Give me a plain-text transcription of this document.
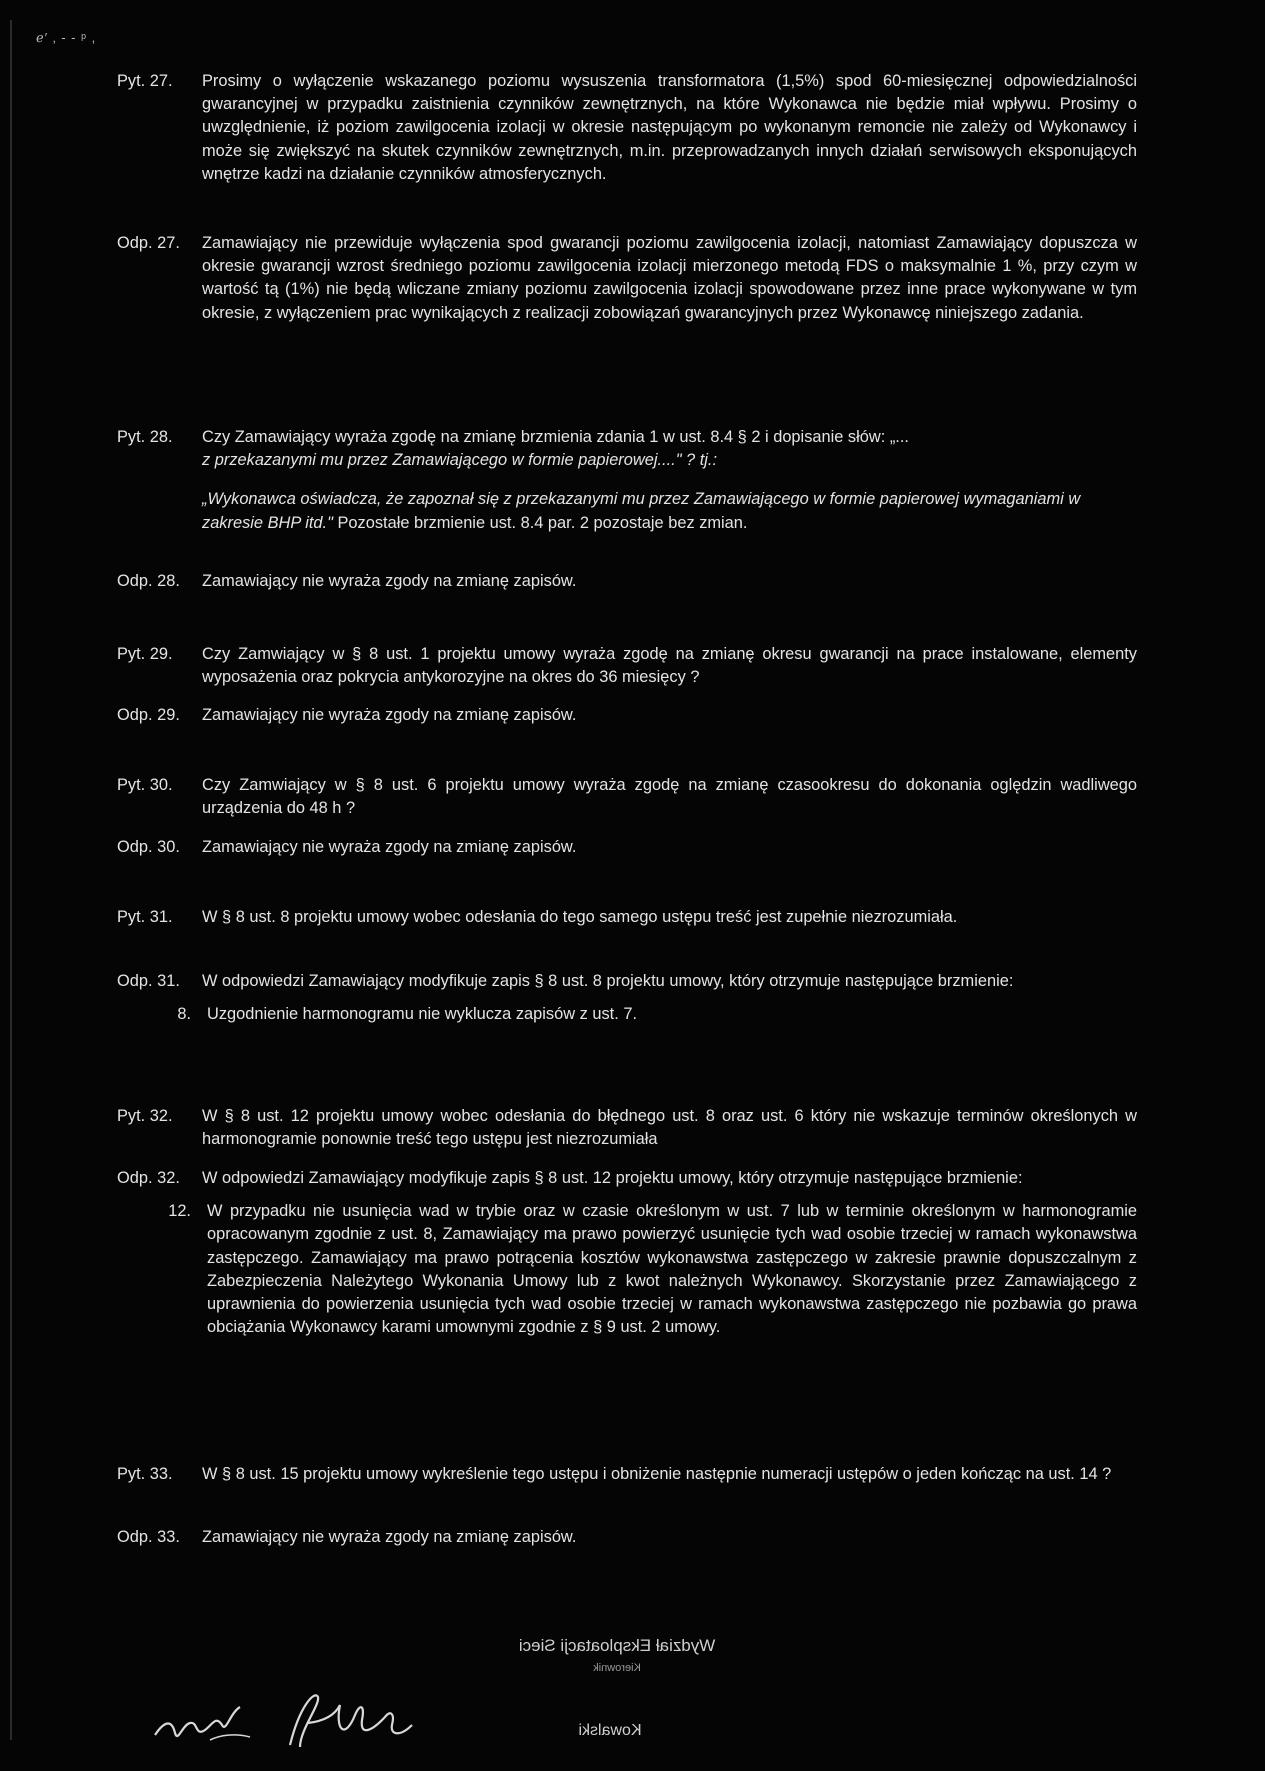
ℯ′ ‚ - - ᵖ ,
Pyt. 27.	Prosimy o wyłączenie wskazanego poziomu wysuszenia transformatora (1,5%) spod 60-miesięcznej odpowiedzialności gwarancyjnej w przypadku zaistnienia czynników zewnętrznych, na które Wykonawca nie będzie miał wpływu. Prosimy o uwzględnienie, iż poziom zawilgocenia izolacji w okresie następującym po wykonanym remoncie nie zależy od Wykonawcy i może się zwiększyć na skutek czynników zewnętrznych, m.in. przeprowadzanych innych działań serwisowych eksponujących wnętrze kadzi na działanie czynników atmosferycznych.
Odp. 27.	Zamawiający nie przewiduje wyłączenia spod gwarancji poziomu zawilgocenia izolacji, natomiast Zamawiający dopuszcza w okresie gwarancji wzrost średniego poziomu zawilgocenia izolacji mierzonego metodą FDS o maksymalnie 1 %, przy czym w wartość tą (1%) nie będą wliczane zmiany poziomu zawilgocenia izolacji spowodowane przez inne prace wykonywane w tym okresie, z wyłączeniem prac wynikających z realizacji zobowiązań gwarancyjnych przez Wykonawcę niniejszego zadania.
Pyt. 28.	Czy Zamawiający wyraża zgodę na zmianę brzmienia zdania 1 w ust. 8.4 § 2 i dopisanie słów: „...
z przekazanymi mu przez Zamawiającego w formie papierowej...." ? tj.:
„Wykonawca oświadcza, że zapoznał się z przekazanymi mu przez Zamawiającego w formie papierowej wymaganiami w zakresie BHP itd." Pozostałe brzmienie ust. 8.4 par. 2 pozostaje bez zmian.
Odp. 28.	Zamawiający nie wyraża zgody na zmianę zapisów.
Pyt. 29.	Czy Zamwiający w § 8 ust. 1 projektu umowy wyraża zgodę na zmianę okresu gwarancji na prace instalowane, elementy wyposażenia oraz pokrycia antykorozyjne na okres do 36 miesięcy ?
Odp. 29.	Zamawiający nie wyraża zgody na zmianę zapisów.
Pyt. 30.	Czy Zamwiający w § 8 ust. 6 projektu umowy wyraża zgodę na zmianę czasookresu do dokonania oględzin wadliwego urządzenia do 48 h ?
Odp. 30.	Zamawiający nie wyraża zgody na zmianę zapisów.
Pyt. 31.	W § 8 ust. 8 projektu umowy wobec odesłania do tego samego ustępu treść jest zupełnie niezrozumiała.
Odp. 31.	W odpowiedzi Zamawiający modyfikuje zapis § 8 ust. 8 projektu umowy, który otrzymuje następujące brzmienie:
8. Uzgodnienie harmonogramu nie wyklucza zapisów z ust. 7.
Pyt. 32.	W § 8 ust. 12 projektu umowy wobec odesłania do błędnego ust. 8 oraz ust. 6 który nie wskazuje terminów określonych w harmonogramie ponownie treść tego ustępu jest niezrozumiała
Odp. 32.	W odpowiedzi Zamawiający modyfikuje zapis § 8 ust. 12 projektu umowy, który otrzymuje następujące brzmienie:
12. W przypadku nie usunięcia wad w trybie oraz w czasie określonym w ust. 7 lub w terminie określonym w harmonogramie opracowanym zgodnie z ust. 8, Zamawiający ma prawo powierzyć usunięcie tych wad osobie trzeciej w ramach wykonawstwa zastępczego. Zamawiający ma prawo potrącenia kosztów wykonawstwa zastępczego w zakresie prawnie dopuszczalnym z Zabezpieczenia Należytego Wykonania Umowy lub z kwot należnych Wykonawcy. Skorzystanie przez Zamawiającego z uprawnienia do powierzenia usunięcia tych wad osobie trzeciej w ramach wykonawstwa zastępczego nie pozbawia go prawa obciążania Wykonawcy karami umownymi zgodnie z § 9 ust. 2 umowy.
Pyt. 33.	W § 8 ust. 15 projektu umowy wykreślenie tego ustępu i obniżenie następnie numeracji ustępów o jeden kończąc na ust. 14 ?
Odp. 33.	Zamawiający nie wyraża zgody na zmianę zapisów.
Wydział Eksploatacji Sieci
Kierownik
Kowalski
